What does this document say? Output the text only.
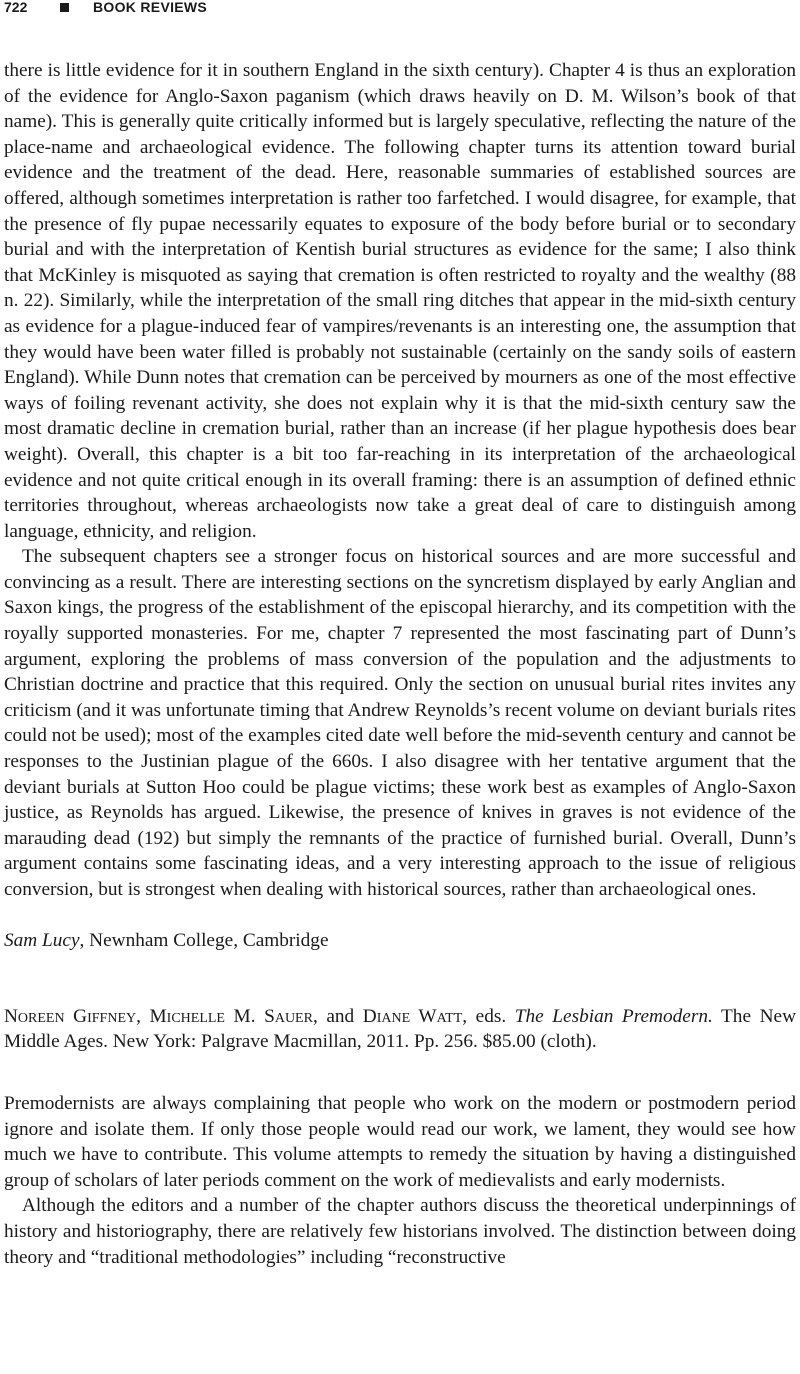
722	BOOK REVIEWS

there is little evidence for it in southern England in the sixth century). Chapter 4 is thus an exploration of the evidence for Anglo-Saxon paganism (which draws heavily on D. M. Wilson’s book of that name). This is generally quite critically informed but is largely speculative, reflecting the nature of the place-name and archaeological evidence. The following chapter turns its attention toward burial evidence and the treatment of the dead. Here, reasonable summaries of established sources are offered, although sometimes interpretation is rather too farfetched. I would disagree, for example, that the presence of fly pupae necessarily equates to exposure of the body before burial or to secondary burial and with the interpretation of Kentish burial structures as evidence for the same; I also think that McKinley is misquoted as saying that cremation is often restricted to royalty and the wealthy (88 n. 22). Similarly, while the interpretation of the small ring ditches that appear in the mid-sixth century as evidence for a plague-induced fear of vampires/revenants is an interesting one, the assumption that they would have been water filled is probably not sustainable (certainly on the sandy soils of eastern England). While Dunn notes that cremation can be perceived by mourners as one of the most effective ways of foiling revenant activity, she does not explain why it is that the mid-sixth century saw the most dramatic decline in cremation burial, rather than an increase (if her plague hypothesis does bear weight). Overall, this chapter is a bit too far-reaching in its interpretation of the archaeological evidence and not quite critical enough in its overall framing: there is an assumption of defined ethnic territories throughout, whereas archaeologists now take a great deal of care to distinguish among language, ethnicity, and religion.

The subsequent chapters see a stronger focus on historical sources and are more successful and convincing as a result. There are interesting sections on the syncretism displayed by early Anglian and Saxon kings, the progress of the establishment of the episcopal hierarchy, and its competition with the royally supported monasteries. For me, chapter 7 represented the most fascinating part of Dunn’s argument, exploring the problems of mass conversion of the population and the adjustments to Christian doctrine and practice that this required. Only the section on unusual burial rites invites any criticism (and it was unfortunate timing that Andrew Reynolds’s recent volume on deviant burials rites could not be used); most of the examples cited date well before the mid-seventh century and cannot be responses to the Justinian plague of the 660s. I also disagree with her tentative argument that the deviant burials at Sutton Hoo could be plague victims; these work best as examples of Anglo-Saxon justice, as Reynolds has argued. Likewise, the presence of knives in graves is not evidence of the marauding dead (192) but simply the remnants of the practice of furnished burial. Overall, Dunn’s argument contains some fascinating ideas, and a very interesting approach to the issue of religious conversion, but is strongest when dealing with historical sources, rather than archaeological ones.

Sam Lucy, Newnham College, Cambridge

Noreen Giffney, Michelle M. Sauer, and Diane Watt, eds. The Lesbian Premodern. The New Middle Ages. New York: Palgrave Macmillan, 2011. Pp. 256. $85.00 (cloth).

Premodernists are always complaining that people who work on the modern or postmodern period ignore and isolate them. If only those people would read our work, we lament, they would see how much we have to contribute. This volume attempts to remedy the situation by having a distinguished group of scholars of later periods comment on the work of medievalists and early modernists.

Although the editors and a number of the chapter authors discuss the theoretical underpinnings of history and historiography, there are relatively few historians involved. The distinction between doing theory and “traditional methodologies” including “reconstructive
